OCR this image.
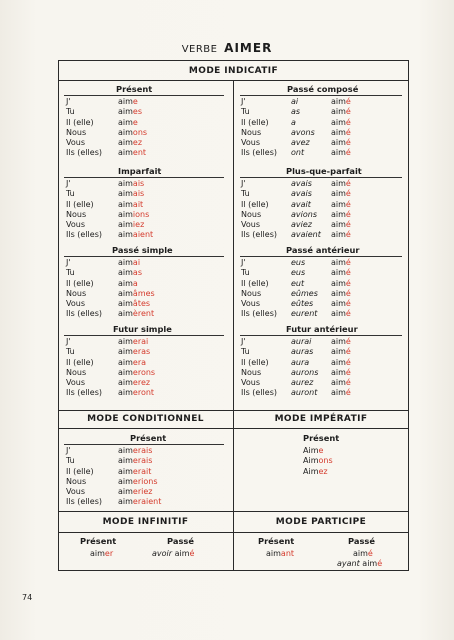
VERBE AIMER
MODE INDICATIF
MODE CONDITIONNEL	MODE IMPÉRATIF
MODE INFINITIF	MODE PARTICIPE
Présent
Imparfait
Passé simple
Futur simple
Passé composé
Plus-que-parfait
Passé antérieur
Futur antérieur
Présent	Présent
J'	aime
Tu	aimes
Il (elle)	aime
Nous	aimons
Vous	aimez
Ils (elles) aiment
J'	aimais
Tu	aimais
Il (elle)	aimait
Nous	aimions
Vous	aimiez
Ils (elles) aimaient
J'	aimai
Tu	aimas
Il (elle)	aima
Nous	aimâmes
Vous	aimâtes
Ils (elles) aimèrent
J'	aimerai
Tu	aimeras
Il (elle)	aimera
Nous	aimerons
Vous	aimerez
Ils (elles) aimeront
J'	ai	aimé
Tu	as	aimé
Il (elle)	a	aimé
Nous	avons aimé
Vous	avez	aimé
Ils (elles) ont	aimé
J'	avais aimé
Tu	avais aimé
Il (elle)	avait	aimé
Nous	avions aimé
Vous	aviez aimé
Ils (elles) avaient aimé
J'	eus	aimé
Tu	eus	aimé
Il (elle)	eut	aimé
Nous	eûmes aimé
Vous	eûtes aimé
Ils (elles) eurent aimé
J'	aurai aimé
Tu	auras aimé
Il (elle)	aura	aimé
Nous	aurons aimé
Vous	aurez aimé
Ils (elles) auront aimé
J'	aimerais
Tu	aimerais
Il (elle)	aimerait
Nous	aimerions
Vous	aimeriez
Ils (elles) aimeraient
Aime
Aimons
Aimez
Présent	Passé
aimer	avoir aimé
Présent	Passé
aimant	aimé
ayant aimé
74
